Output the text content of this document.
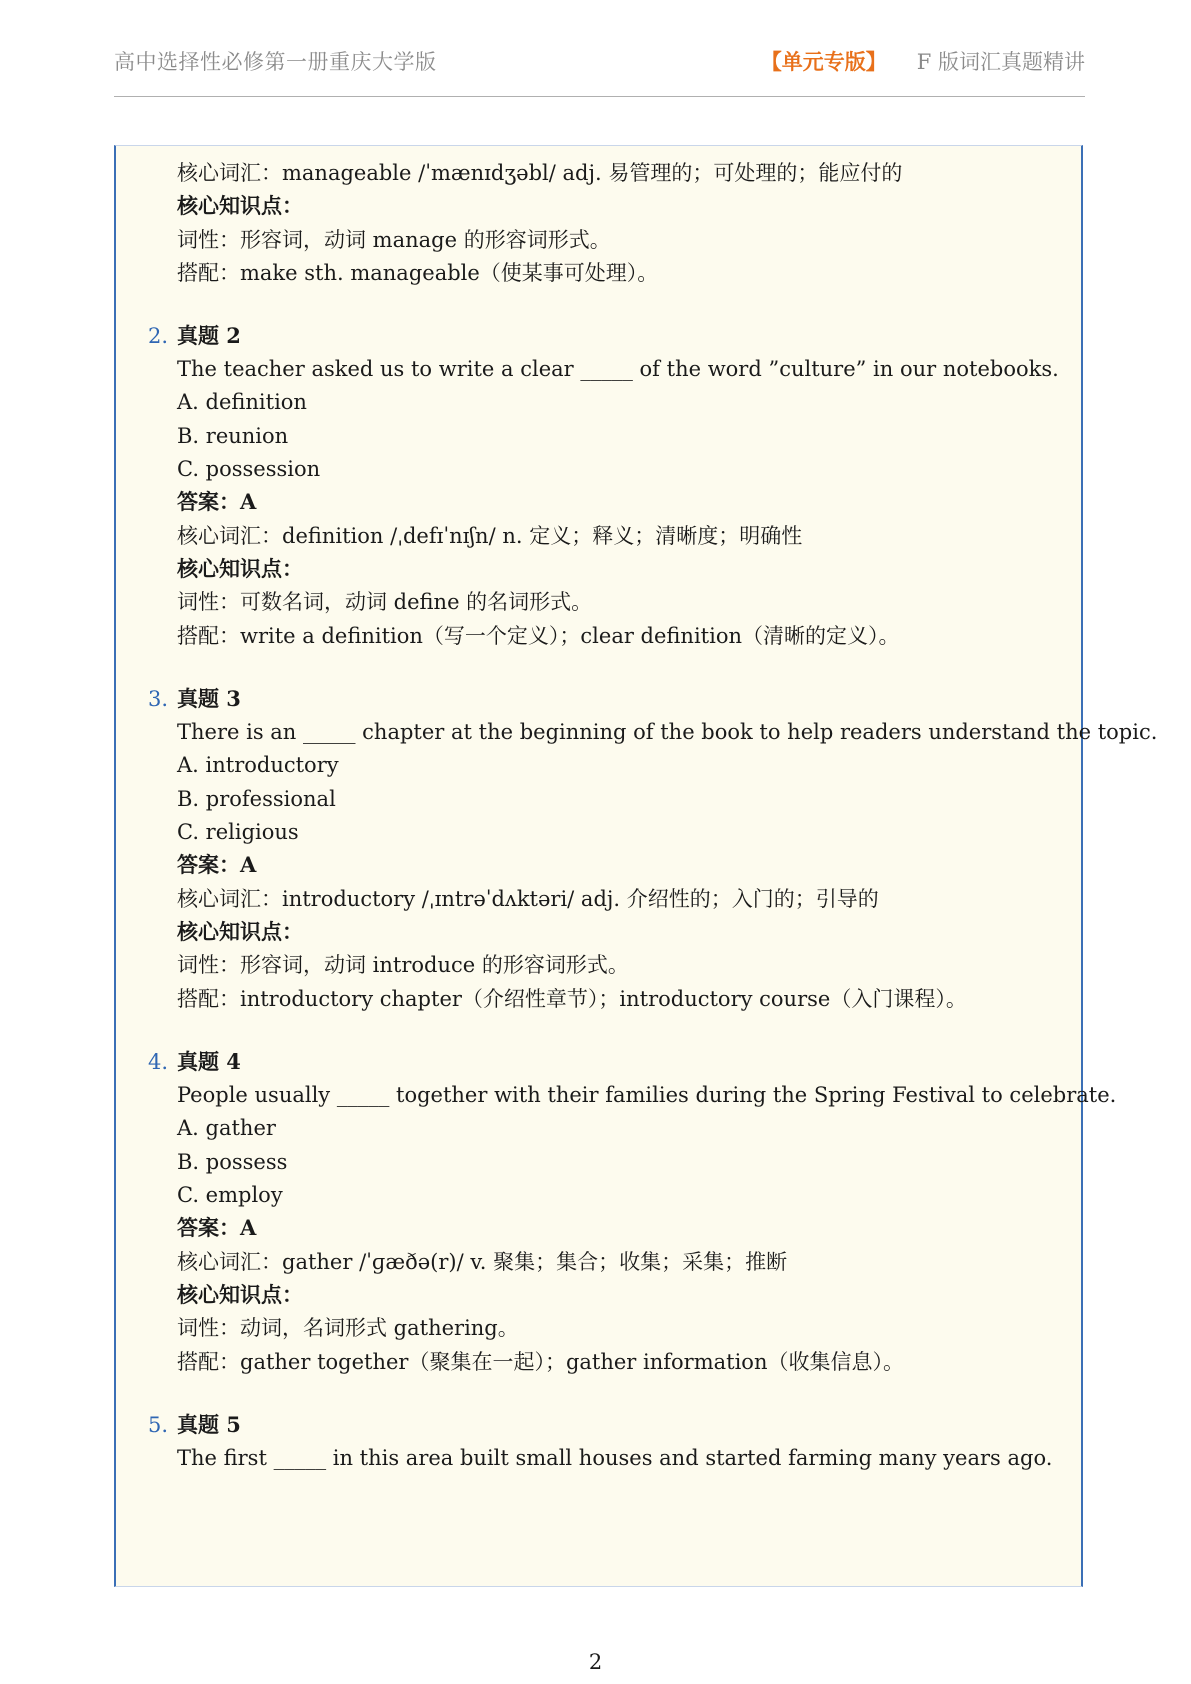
高中选择性必修第一册重庆大学版	【单元专版】 F 版词汇真题精讲
核心词汇：manageable /ˈmænɪdʒəbl/ adj. 易管理的；可处理的；能应付的
核心知识点：
词性：形容词，动词 manage 的形容词形式。
搭配：make sth. manageable（使某事可处理）。
2. 真题 2
The teacher asked us to write a clear _____ of the word ”culture” in our notebooks.
A. definition
B. reunion
C. possession
答案：A
核心词汇：definition /ˌdefɪˈnɪʃn/ n. 定义；释义；清晰度；明确性
核心知识点：
词性：可数名词，动词 define 的名词形式。
搭配：write a definition（写一个定义）；clear definition（清晰的定义）。
3. 真题 3
There is an _____ chapter at the beginning of the book to help readers understand the topic.
A. introductory
B. professional
C. religious
答案：A
核心词汇：introductory /ˌɪntrəˈdʌktəri/ adj. 介绍性的；入门的；引导的
核心知识点：
词性：形容词，动词 introduce 的形容词形式。
搭配：introductory chapter（介绍性章节）；introductory course（入门课程）。
4. 真题 4
People usually _____ together with their families during the Spring Festival to celebrate.
A. gather
B. possess
C. employ
答案：A
核心词汇：gather /ˈɡæðə(r)/ v. 聚集；集合；收集；采集；推断
核心知识点：
词性：动词，名词形式 gathering。
搭配：gather together（聚集在一起）；gather information（收集信息）。
5. 真题 5
The first _____ in this area built small houses and started farming many years ago.
2
